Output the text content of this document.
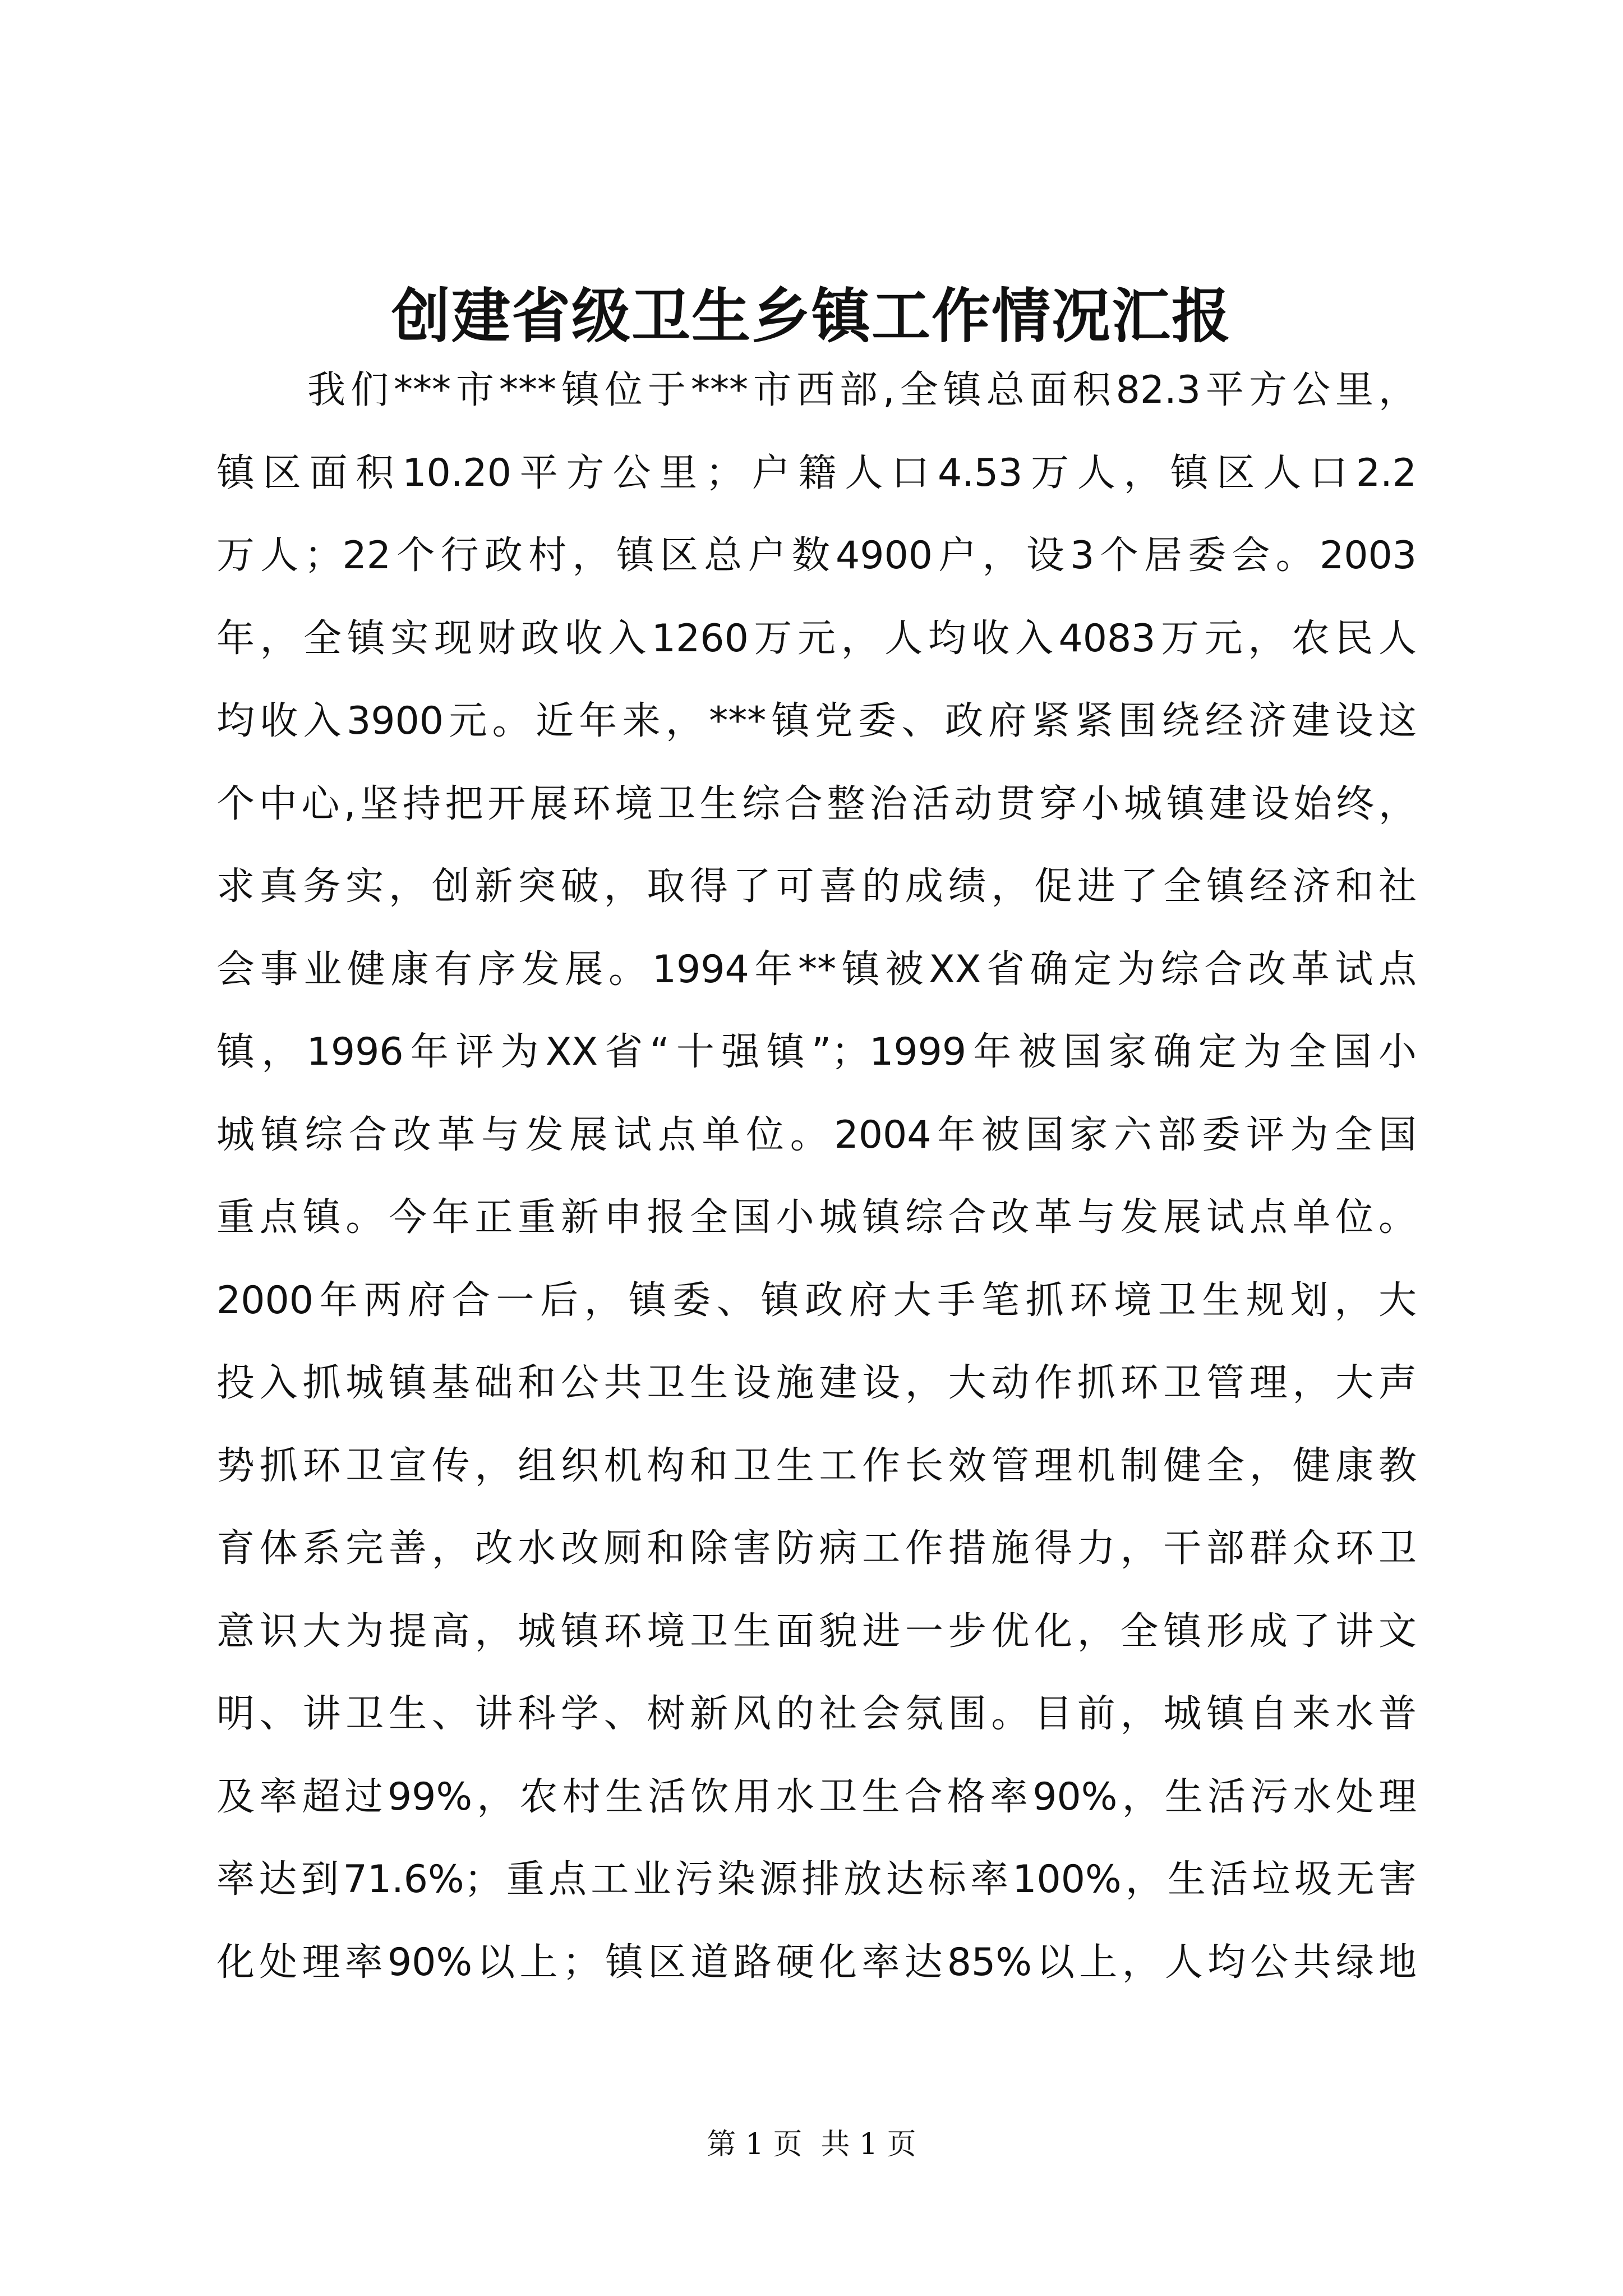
创建省级卫生乡镇工作情况汇报
我们***市***镇位于***市西部,全镇总面积82.3平方公里，
镇区面积10.20平方公里；户籍人口4.53万人，镇区人口2.2
万人；22个行政村，镇区总户数4900户，设3个居委会。2003
年，全镇实现财政收入1260万元，人均收入4083万元，农民人
均收入3900元。近年来，***镇党委、政府紧紧围绕经济建设这
个中心,坚持把开展环境卫生综合整治活动贯穿小城镇建设始终，
求真务实，创新突破，取得了可喜的成绩，促进了全镇经济和社
会事业健康有序发展。1994年**镇被XX省确定为综合改革试点
镇，1996年评为XX省“十强镇”；1999年被国家确定为全国小
城镇综合改革与发展试点单位。2004年被国家六部委评为全国
重点镇。今年正重新申报全国小城镇综合改革与发展试点单位。
2000年两府合一后，镇委、镇政府大手笔抓环境卫生规划，大
投入抓城镇基础和公共卫生设施建设，大动作抓环卫管理，大声
势抓环卫宣传，组织机构和卫生工作长效管理机制健全，健康教
育体系完善，改水改厕和除害防病工作措施得力，干部群众环卫
意识大为提高，城镇环境卫生面貌进一步优化，全镇形成了讲文
明、讲卫生、讲科学、树新风的社会氛围。目前，城镇自来水普
及率超过99%，农村生活饮用水卫生合格率90%，生活污水处理
率达到71.6%；重点工业污染源排放达标率100%，生活垃圾无害
化处理率90%以上；镇区道路硬化率达85%以上，人均公共绿地
第 1 页  共 1 页
